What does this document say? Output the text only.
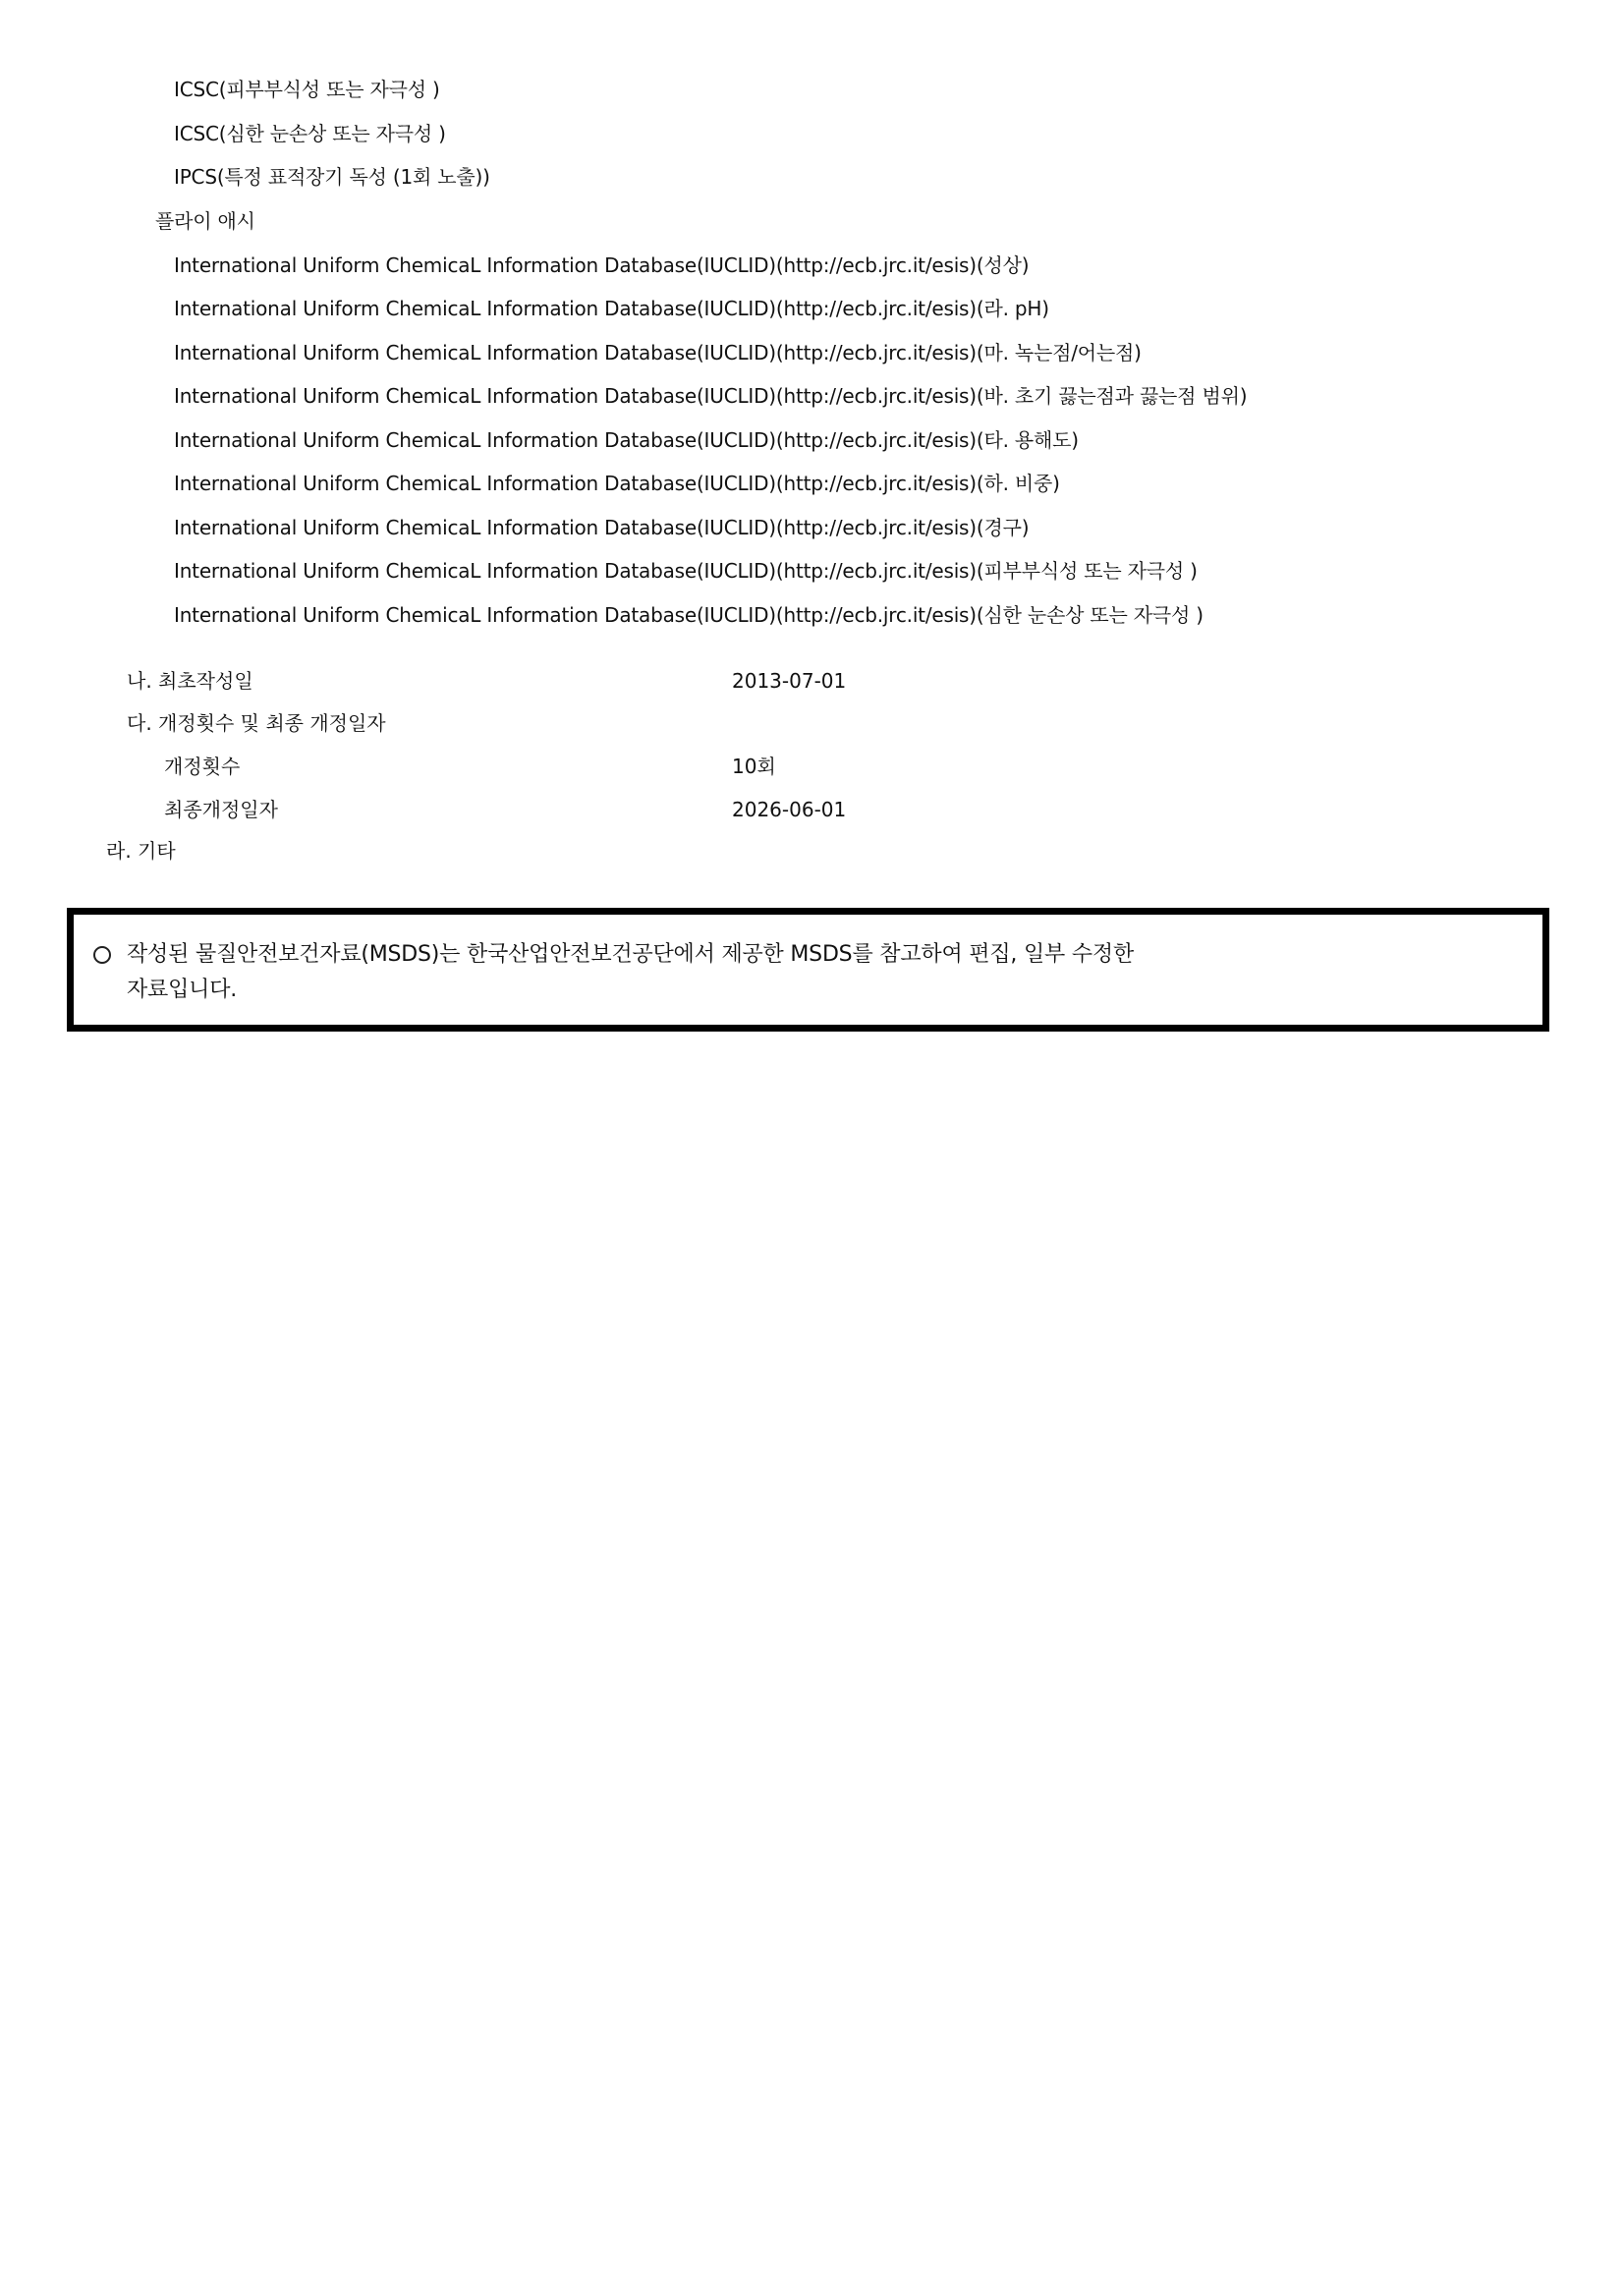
ICSC(피부부식성 또는 자극성 )
ICSC(심한 눈손상 또는 자극성 )
IPCS(특정 표적장기 독성 (1회 노출))
플라이 애시
International Uniform ChemicaL Information Database(IUCLID)(http://ecb.jrc.it/esis)(성상)
International Uniform ChemicaL Information Database(IUCLID)(http://ecb.jrc.it/esis)(라. pH)
International Uniform ChemicaL Information Database(IUCLID)(http://ecb.jrc.it/esis)(마. 녹는점/어는점)
International Uniform ChemicaL Information Database(IUCLID)(http://ecb.jrc.it/esis)(바. 초기 끓는점과 끓는점 범위)
International Uniform ChemicaL Information Database(IUCLID)(http://ecb.jrc.it/esis)(타. 용해도)
International Uniform ChemicaL Information Database(IUCLID)(http://ecb.jrc.it/esis)(하. 비중)
International Uniform ChemicaL Information Database(IUCLID)(http://ecb.jrc.it/esis)(경구)
International Uniform ChemicaL Information Database(IUCLID)(http://ecb.jrc.it/esis)(피부부식성 또는 자극성 )
International Uniform ChemicaL Information Database(IUCLID)(http://ecb.jrc.it/esis)(심한 눈손상 또는 자극성 )
나. 최초작성일	2013-07-01
다. 개정횟수 및 최종 개정일자
개정횟수	10회
최종개정일자	2026-06-01
라. 기타
작성된 물질안전보건자료(MSDS)는 한국산업안전보건공단에서 제공한 MSDS를 참고하여 편집, 일부 수정한
자료입니다.
